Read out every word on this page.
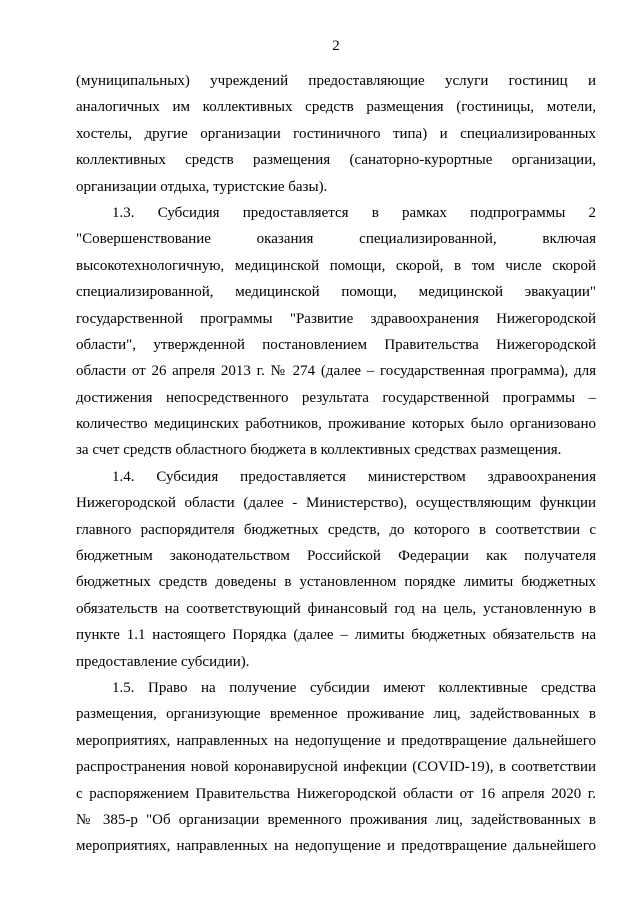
2
(муниципальных) учреждений предоставляющие услуги гостиниц и
аналогичных им коллективных средств размещения (гостиницы, мотели,
хостелы, другие организации гостиничного типа) и специализированных
коллективных средств размещения (санаторно-курортные организации,
организации отдыха, туристские базы).
1.3. Субсидия предоставляется в рамках подпрограммы 2
"Совершенствование оказания специализированной, включая
высокотехнологичную, медицинской помощи, скорой, в том числе скорой
специализированной, медицинской помощи, медицинской эвакуации"
государственной программы "Развитие здравоохранения Нижегородской
области", утвержденной постановлением Правительства Нижегородской
области от 26 апреля 2013 г. № 274 (далее – государственная программа), для
достижения непосредственного результата государственной программы –
количество медицинских работников, проживание которых было организовано
за счет средств областного бюджета в коллективных средствах размещения.
1.4. Субсидия предоставляется министерством здравоохранения
Нижегородской области (далее - Министерство), осуществляющим функции
главного распорядителя бюджетных средств, до которого в соответствии с
бюджетным законодательством Российской Федерации как получателя
бюджетных средств доведены в установленном порядке лимиты бюджетных
обязательств на соответствующий финансовый год на цель, установленную в
пункте 1.1 настоящего Порядка (далее – лимиты бюджетных обязательств на
предоставление субсидии).
1.5. Право на получение субсидии имеют коллективные средства
размещения, организующие временное проживание лиц, задействованных в
мероприятиях, направленных на недопущение и предотвращение дальнейшего
распространения новой коронавирусной инфекции (COVID-19), в соответствии
с распоряжением Правительства Нижегородской области от 16 апреля 2020 г.
№ 385-р "Об организации временного проживания лиц, задействованных в
мероприятиях, направленных на недопущение и предотвращение дальнейшего
